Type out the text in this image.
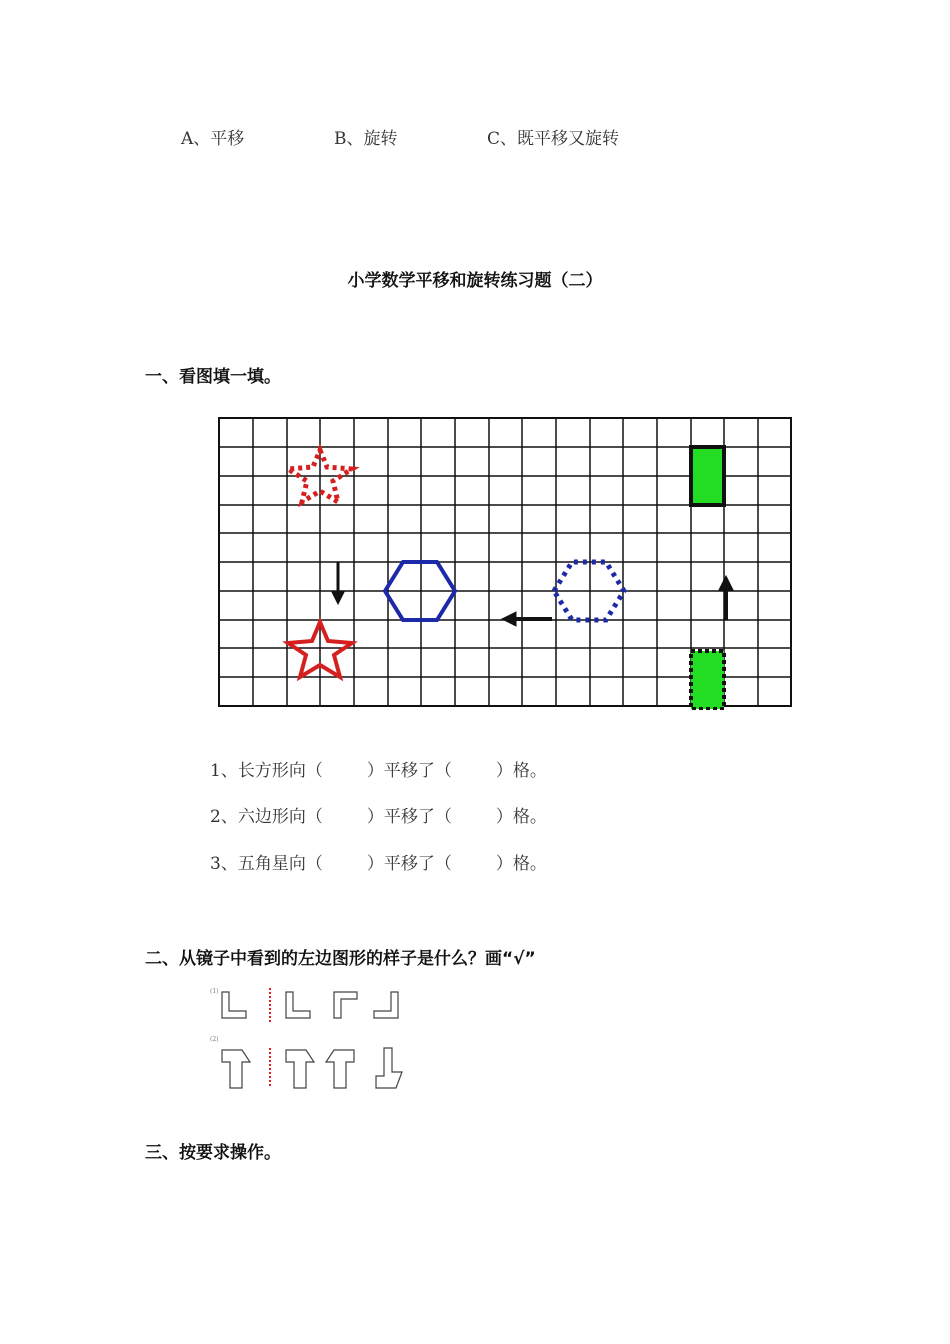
A、平移	B、旋转	C、既平移又旋转
小学数学平移和旋转练习题（二）
一、看图填一填。
1、长方形向（	）平移了（	）格。
2、六边形向（	）平移了（	）格。
3、五角星向（	）平移了（	）格。
二、从镜子中看到的左边图形的样子是什么？画“√”
(1)
(2)
三、按要求操作。
